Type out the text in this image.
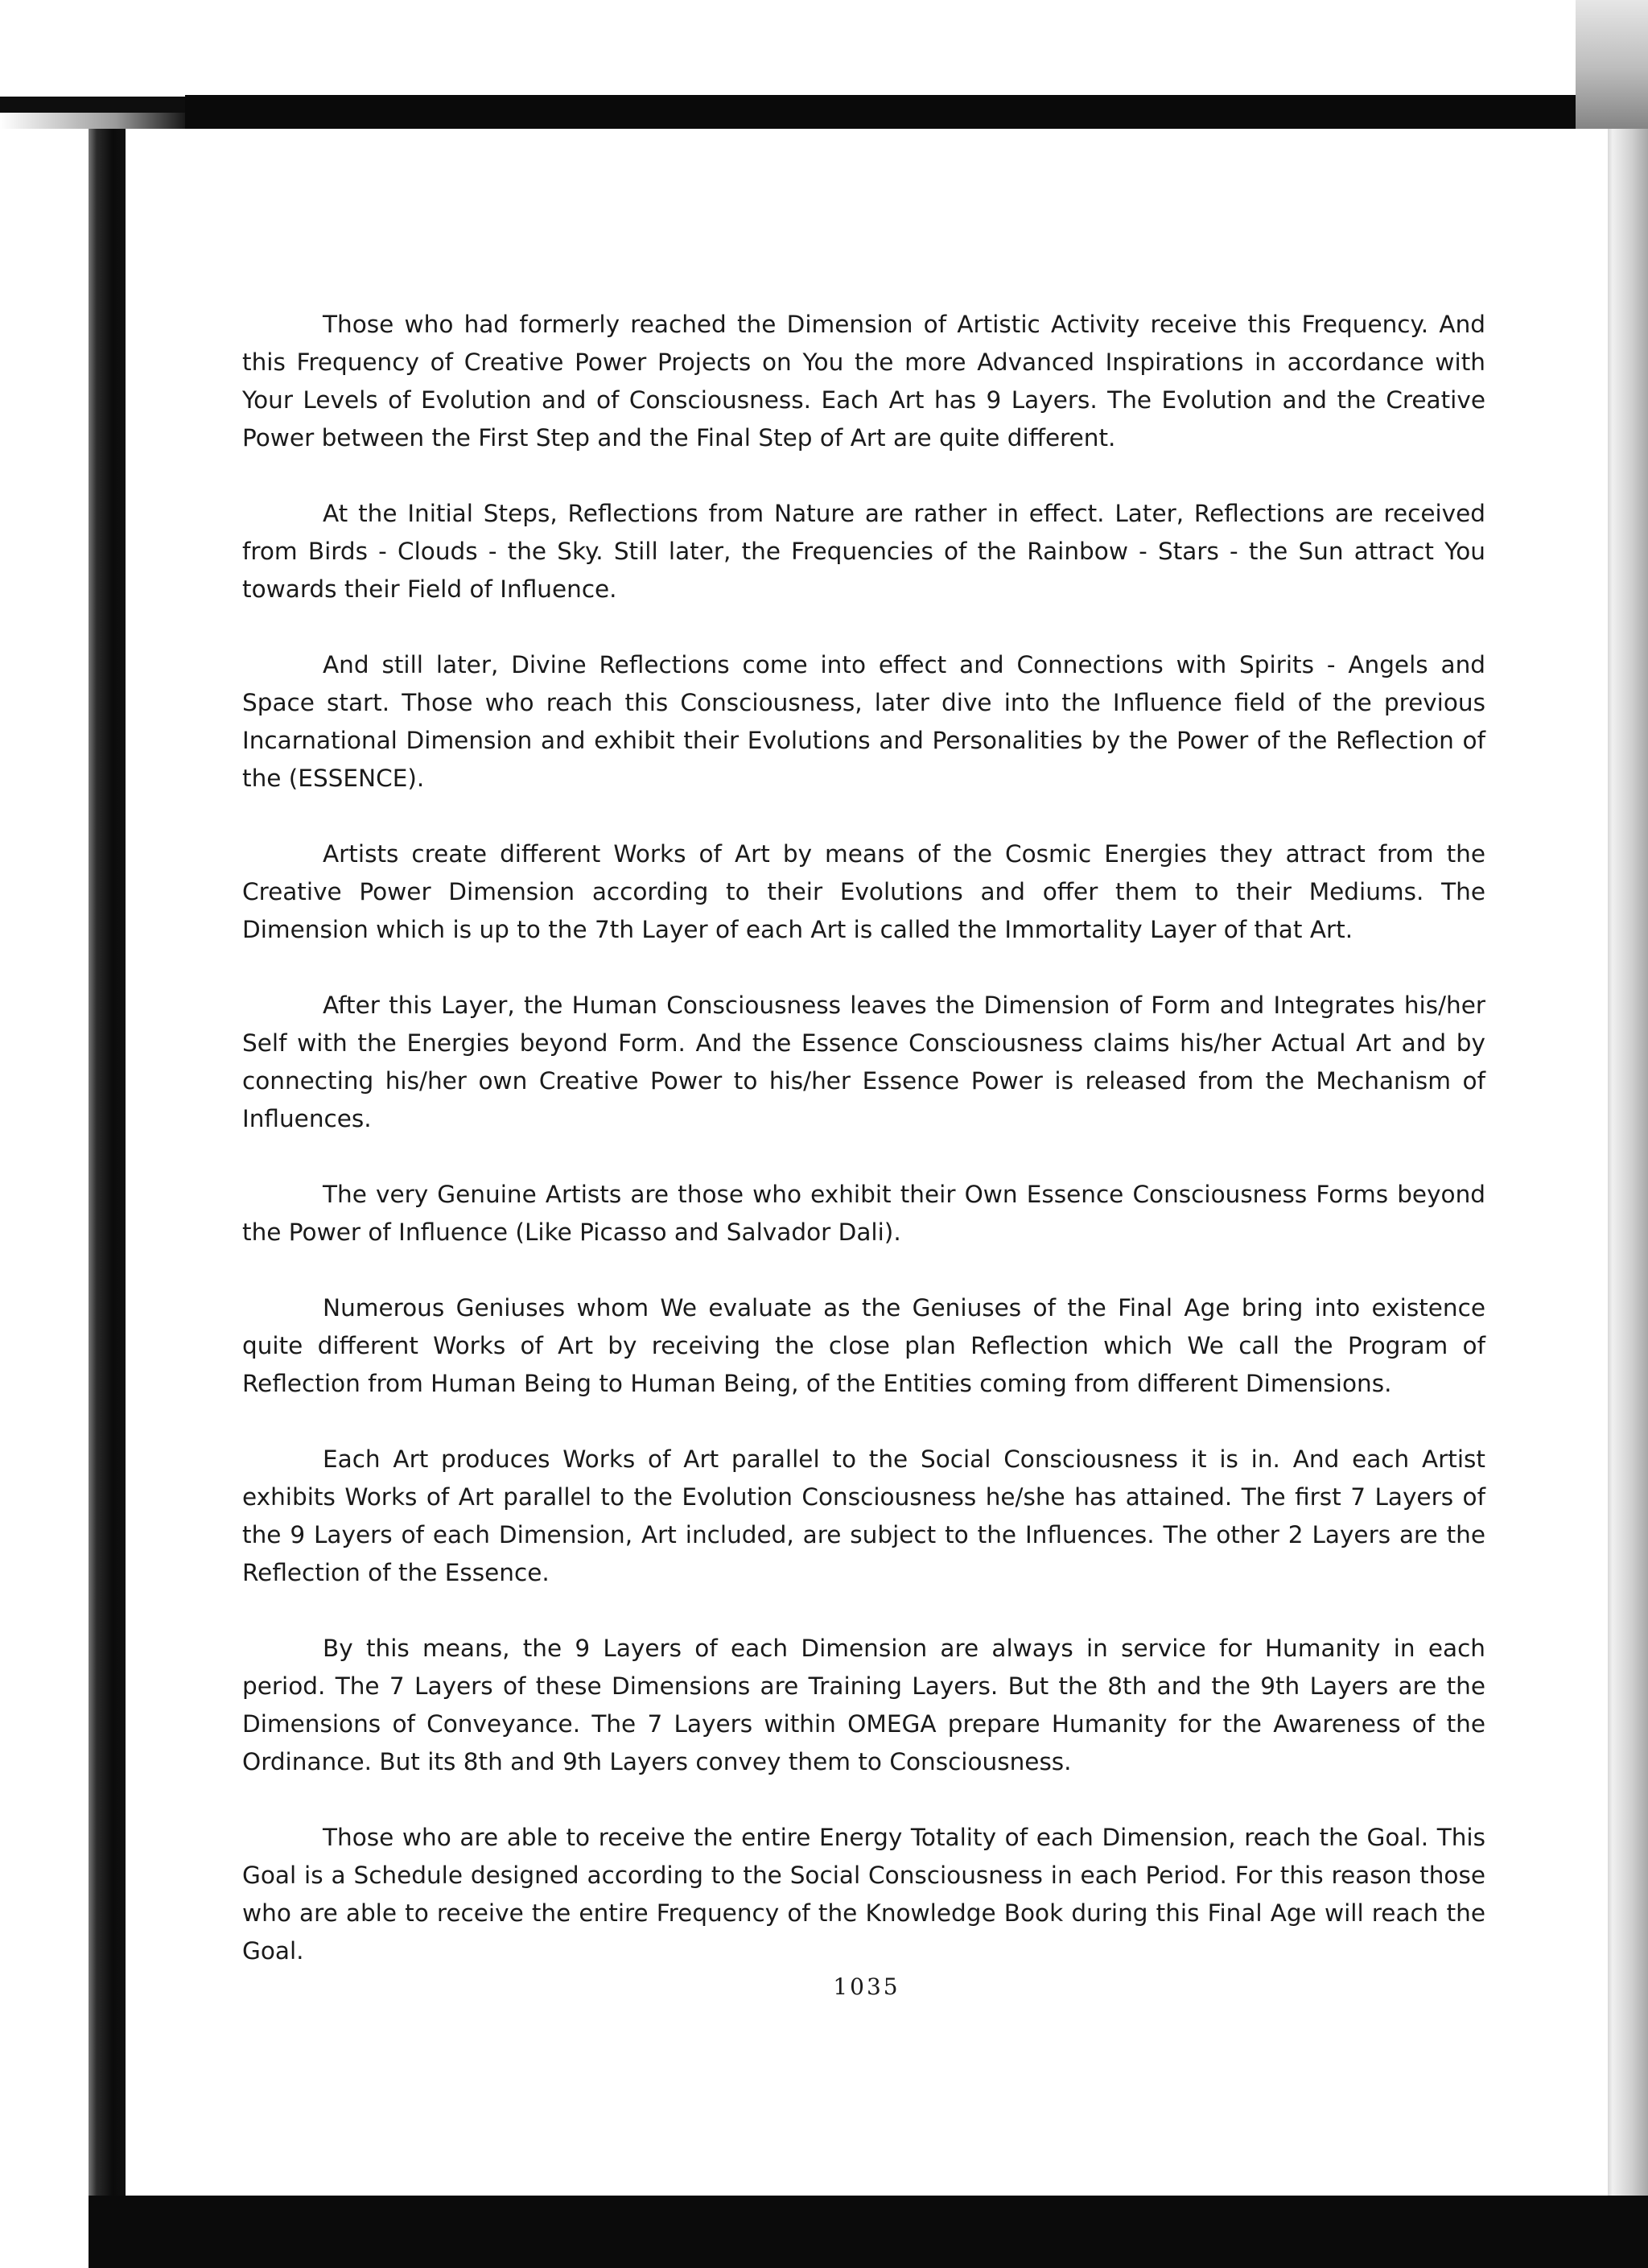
Those who had formerly reached the Dimension of Artistic Activity receive this Frequency. And this Frequency of Creative Power Projects on You the more Advanced Inspirations in accordance with Your Levels of Evolution and of Consciousness. Each Art has 9 Layers. The Evolution and the Creative Power between the First Step and the Final Step of Art are quite different.

At the Initial Steps, Reflections from Nature are rather in effect. Later, Reflections are received from Birds - Clouds - the Sky. Still later, the Frequencies of the Rainbow - Stars - the Sun attract You towards their Field of Influence.

And still later, Divine Reflections come into effect and Connections with Spirits - Angels and Space start. Those who reach this Consciousness, later dive into the Influence field of the previous Incarnational Dimension and exhibit their Evolutions and Personalities by the Power of the Reflection of the (ESSENCE).

Artists create different Works of Art by means of the Cosmic Energies they attract from the Creative Power Dimension according to their Evolutions and offer them to their Mediums. The Dimension which is up to the 7th Layer of each Art is called the Immortality Layer of that Art.

After this Layer, the Human Consciousness leaves the Dimension of Form and Integrates his/her Self with the Energies beyond Form. And the Essence Consciousness claims his/her Actual Art and by connecting his/her own Creative Power to his/her Essence Power is released from the Mechanism of Influences.

The very Genuine Artists are those who exhibit their Own Essence Consciousness Forms beyond the Power of Influence (Like Picasso and Salvador Dali).

Numerous Geniuses whom We evaluate as the Geniuses of the Final Age bring into existence quite different Works of Art by receiving the close plan Reflection which We call the Program of Reflection from Human Being to Human Being, of the Entities coming from different Dimensions.

Each Art produces Works of Art parallel to the Social Consciousness it is in. And each Artist exhibits Works of Art parallel to the Evolution Consciousness he/she has attained. The first 7 Layers of the 9 Layers of each Dimension, Art included, are subject to the Influences. The other 2 Layers are the Reflection of the Essence.

By this means, the 9 Layers of each Dimension are always in service for Humanity in each period. The 7 Layers of these Dimensions are Training Layers. But the 8th and the 9th Layers are the Dimensions of Conveyance. The 7 Layers within OMEGA prepare Humanity for the Awareness of the Ordinance. But its 8th and 9th Layers convey them to Consciousness.

Those who are able to receive the entire Energy Totality of each Dimension, reach the Goal. This Goal is a Schedule designed according to the Social Consciousness in each Period. For this reason those who are able to receive the entire Frequency of the Knowledge Book during this Final Age will reach the Goal.

1035
